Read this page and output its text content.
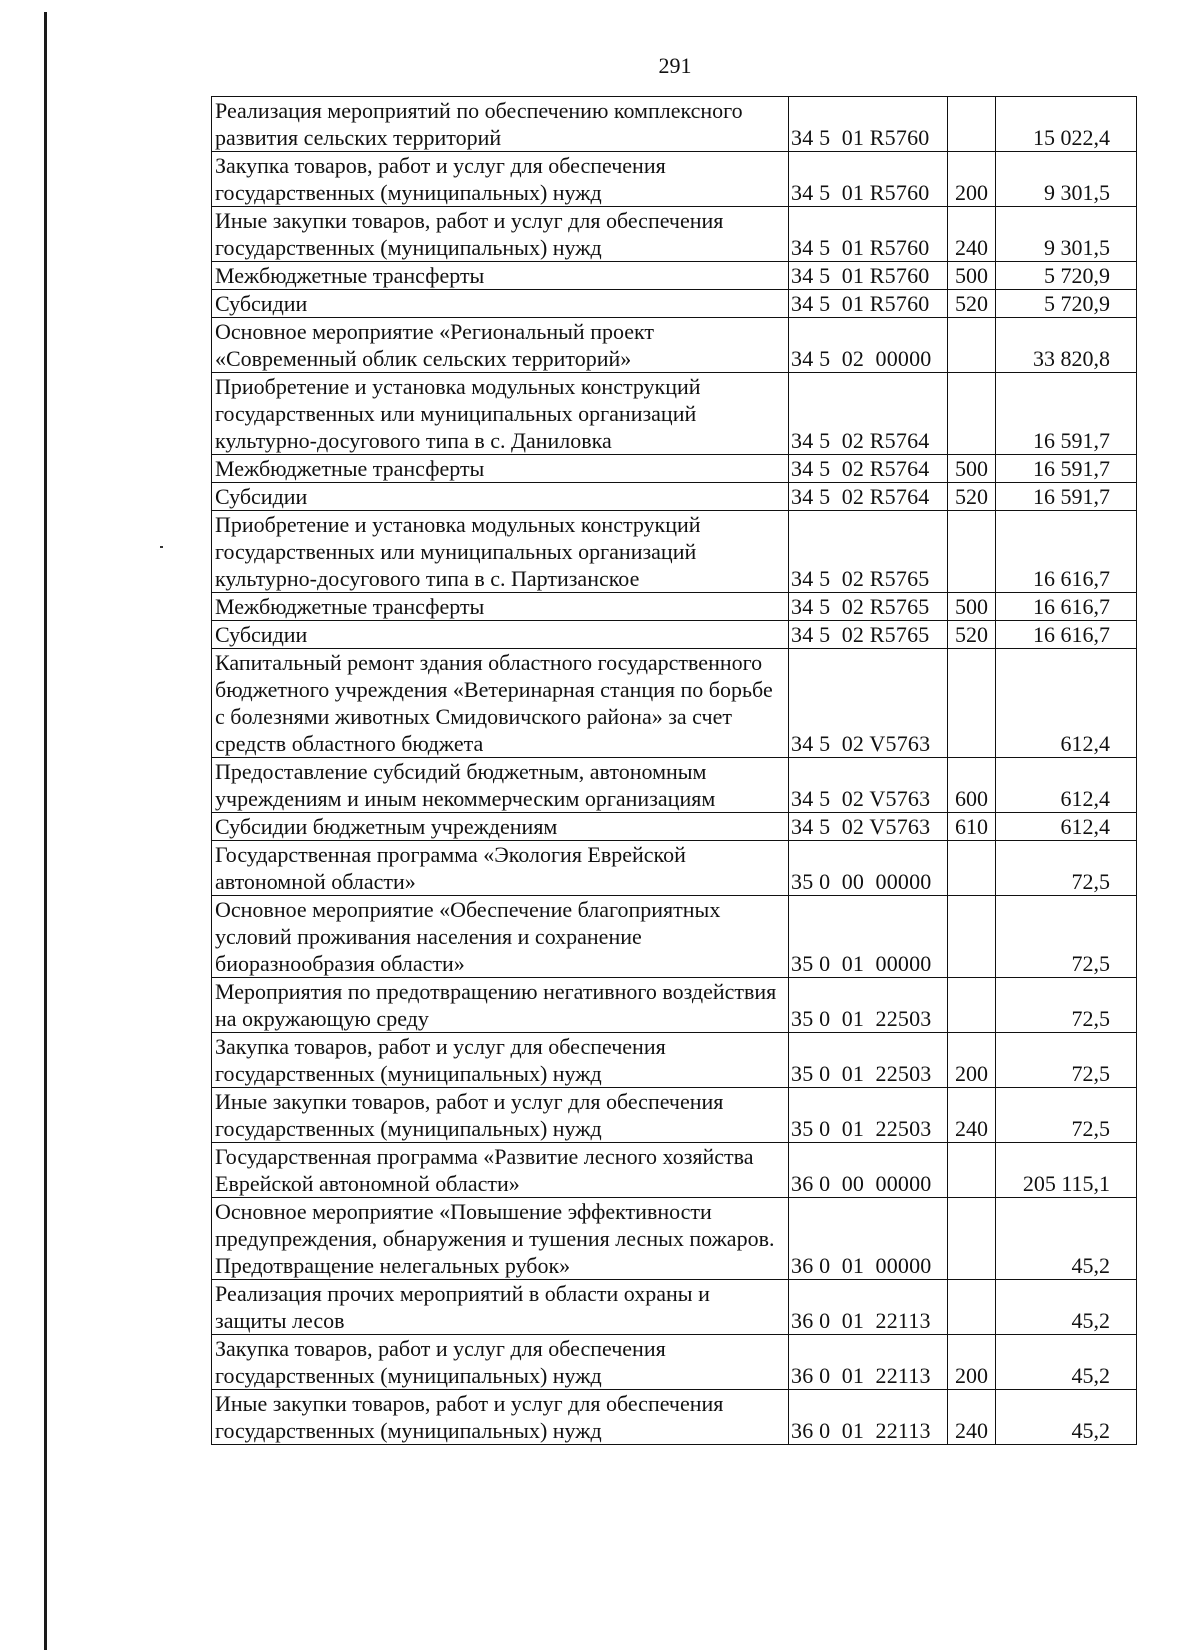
291
Реализация мероприятий по обеспечению комплексного развития сельских территорий	34 5  01 R5760		15 022,4
Закупка товаров, работ и услуг для обеспечения государственных (муниципальных) нужд	34 5  01 R5760	200	9 301,5
Иные закупки товаров, работ и услуг для обеспечения государственных (муниципальных) нужд	34 5  01 R5760	240	9 301,5
Межбюджетные трансферты	34 5  01 R5760	500	5 720,9
Субсидии	34 5  01 R5760	520	5 720,9
Основное мероприятие «Региональный проект «Современный облик сельских территорий»	34 5  02  00000		33 820,8
Приобретение и установка модульных конструкций государственных или муниципальных организаций культурно-досугового типа в с. Даниловка	34 5  02 R5764		16 591,7
Межбюджетные трансферты	34 5  02 R5764	500	16 591,7
Субсидии	34 5  02 R5764	520	16 591,7
Приобретение и установка модульных конструкций государственных или муниципальных организаций культурно-досугового типа в с. Партизанское	34 5  02 R5765		16 616,7
Межбюджетные трансферты	34 5  02 R5765	500	16 616,7
Субсидии	34 5  02 R5765	520	16 616,7
Капитальный ремонт здания областного государственного бюджетного учреждения «Ветеринарная станция по борьбе с болезнями животных Смидовичского района» за счет средств областного бюджета	34 5  02 V5763		612,4
Предоставление субсидий бюджетным, автономным учреждениям и иным некоммерческим организациям	34 5  02 V5763	600	612,4
Субсидии бюджетным учреждениям	34 5  02 V5763	610	612,4
Государственная программа «Экология Еврейской автономной области»	35 0  00  00000		72,5
Основное мероприятие «Обеспечение благоприятных условий проживания населения и сохранение биоразнообразия области»	35 0  01  00000		72,5
Мероприятия по предотвращению негативного воздействия на окружающую среду	35 0  01  22503		72,5
Закупка товаров, работ и услуг для обеспечения государственных (муниципальных) нужд	35 0  01  22503	200	72,5
Иные закупки товаров, работ и услуг для обеспечения государственных (муниципальных) нужд	35 0  01  22503	240	72,5
Государственная программа «Развитие лесного хозяйства Еврейской автономной области»	36 0  00  00000		205 115,1
Основное мероприятие «Повышение эффективности предупреждения, обнаружения и тушения лесных пожаров. Предотвращение нелегальных рубок»	36 0  01  00000		45,2
Реализация прочих мероприятий в области охраны и защиты лесов	36 0  01  22113		45,2
Закупка товаров, работ и услуг для обеспечения государственных (муниципальных) нужд	36 0  01  22113	200	45,2
Иные закупки товаров, работ и услуг для обеспечения государственных (муниципальных) нужд	36 0  01  22113	240	45,2
